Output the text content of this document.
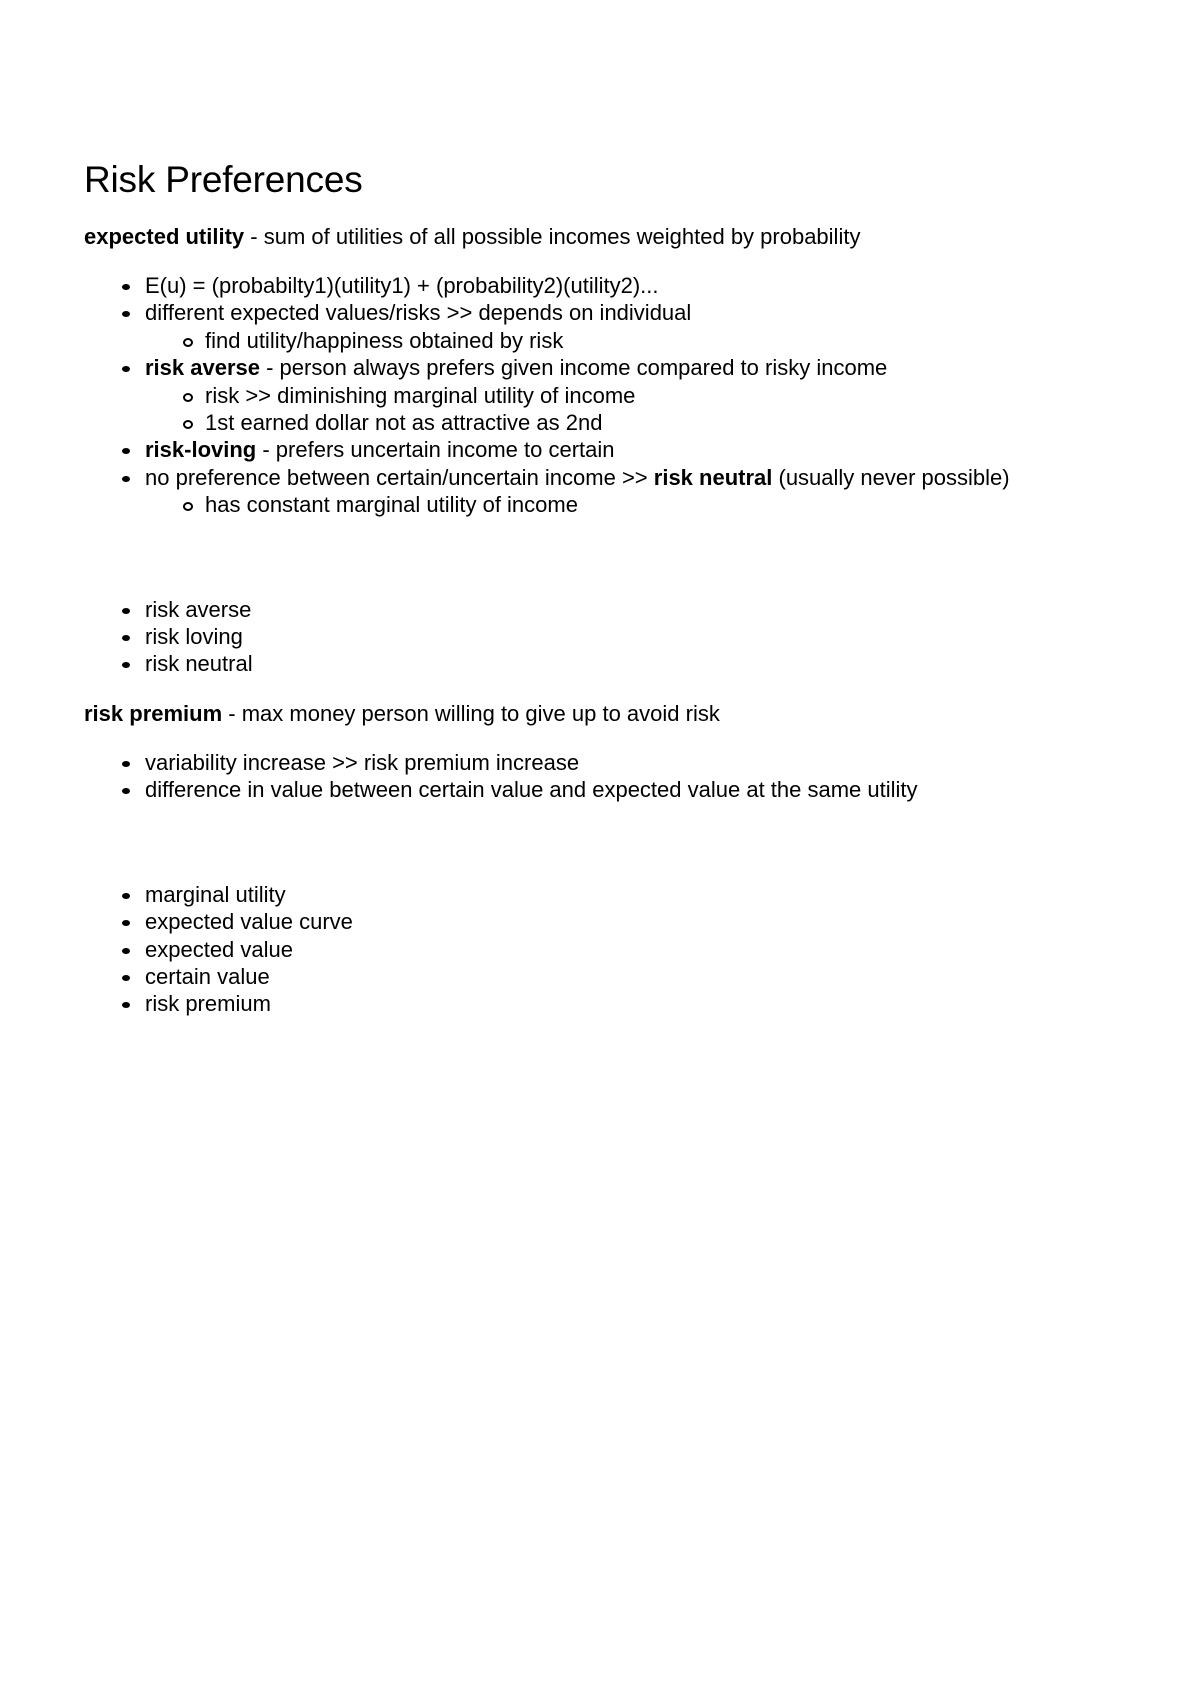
Risk Preferences

expected utility - sum of utilities of all possible incomes weighted by probability

E(u) = (probabilty1)(utility1) + (probability2)(utility2)...
different expected values/risks >> depends on individual
find utility/happiness obtained by risk
risk averse - person always prefers given income compared to risky income
risk >> diminishing marginal utility of income
1st earned dollar not as attractive as 2nd
risk-loving - prefers uncertain income to certain
no preference between certain/uncertain income >> risk neutral (usually never possible)
has constant marginal utility of income
risk averse
risk loving
risk neutral

risk premium - max money person willing to give up to avoid risk

variability increase >> risk premium increase
difference in value between certain value and expected value at the same utility
marginal utility
expected value curve
expected value
certain value
risk premium
